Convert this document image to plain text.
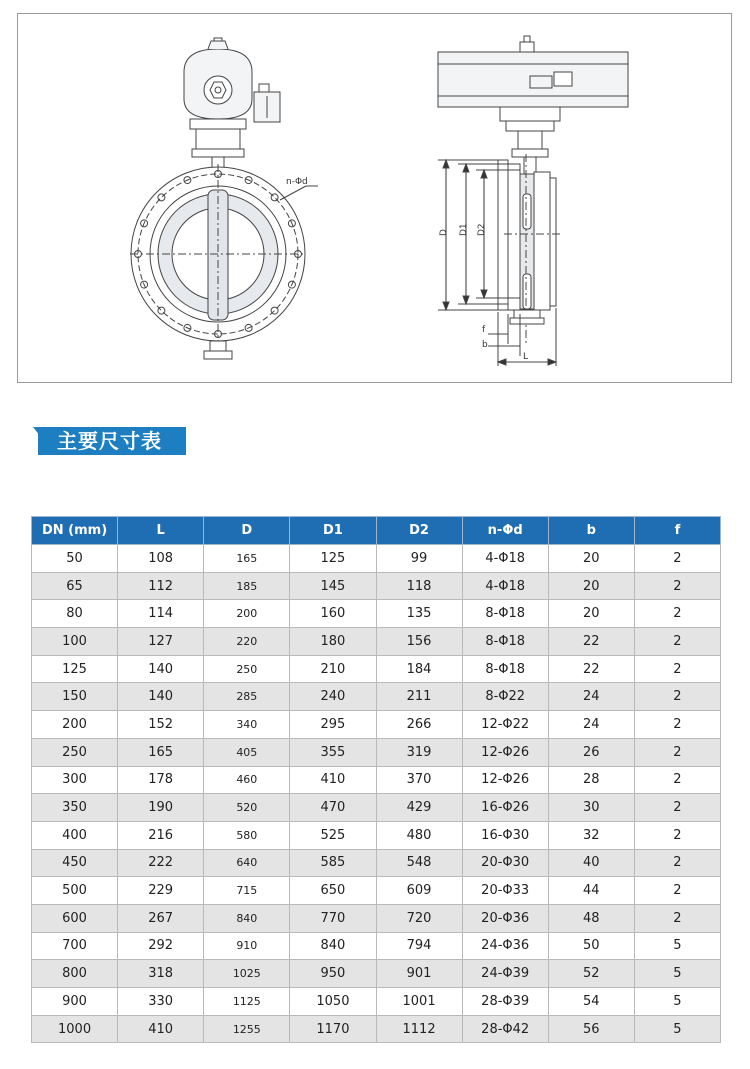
n-Φd
D D1 D2
f
b
L
主要尺寸表
DN (mm)	L	D	D1	D2	n-Φd	b	f
50	108	165	125	99	4-Φ18	20	2
65	112	185	145	118	4-Φ18	20	2
80	114	200	160	135	8-Φ18	20	2
100	127	220	180	156	8-Φ18	22	2
125	140	250	210	184	8-Φ18	22	2
150	140	285	240	211	8-Φ22	24	2
200	152	340	295	266	12-Φ22	24	2
250	165	405	355	319	12-Φ26	26	2
300	178	460	410	370	12-Φ26	28	2
350	190	520	470	429	16-Φ26	30	2
400	216	580	525	480	16-Φ30	32	2
450	222	640	585	548	20-Φ30	40	2
500	229	715	650	609	20-Φ33	44	2
600	267	840	770	720	20-Φ36	48	2
700	292	910	840	794	24-Φ36	50	5
800	318	1025	950	901	24-Φ39	52	5
900	330	1125	1050	1001	28-Φ39	54	5
1000	410	1255	1170	1112	28-Φ42	56	5
